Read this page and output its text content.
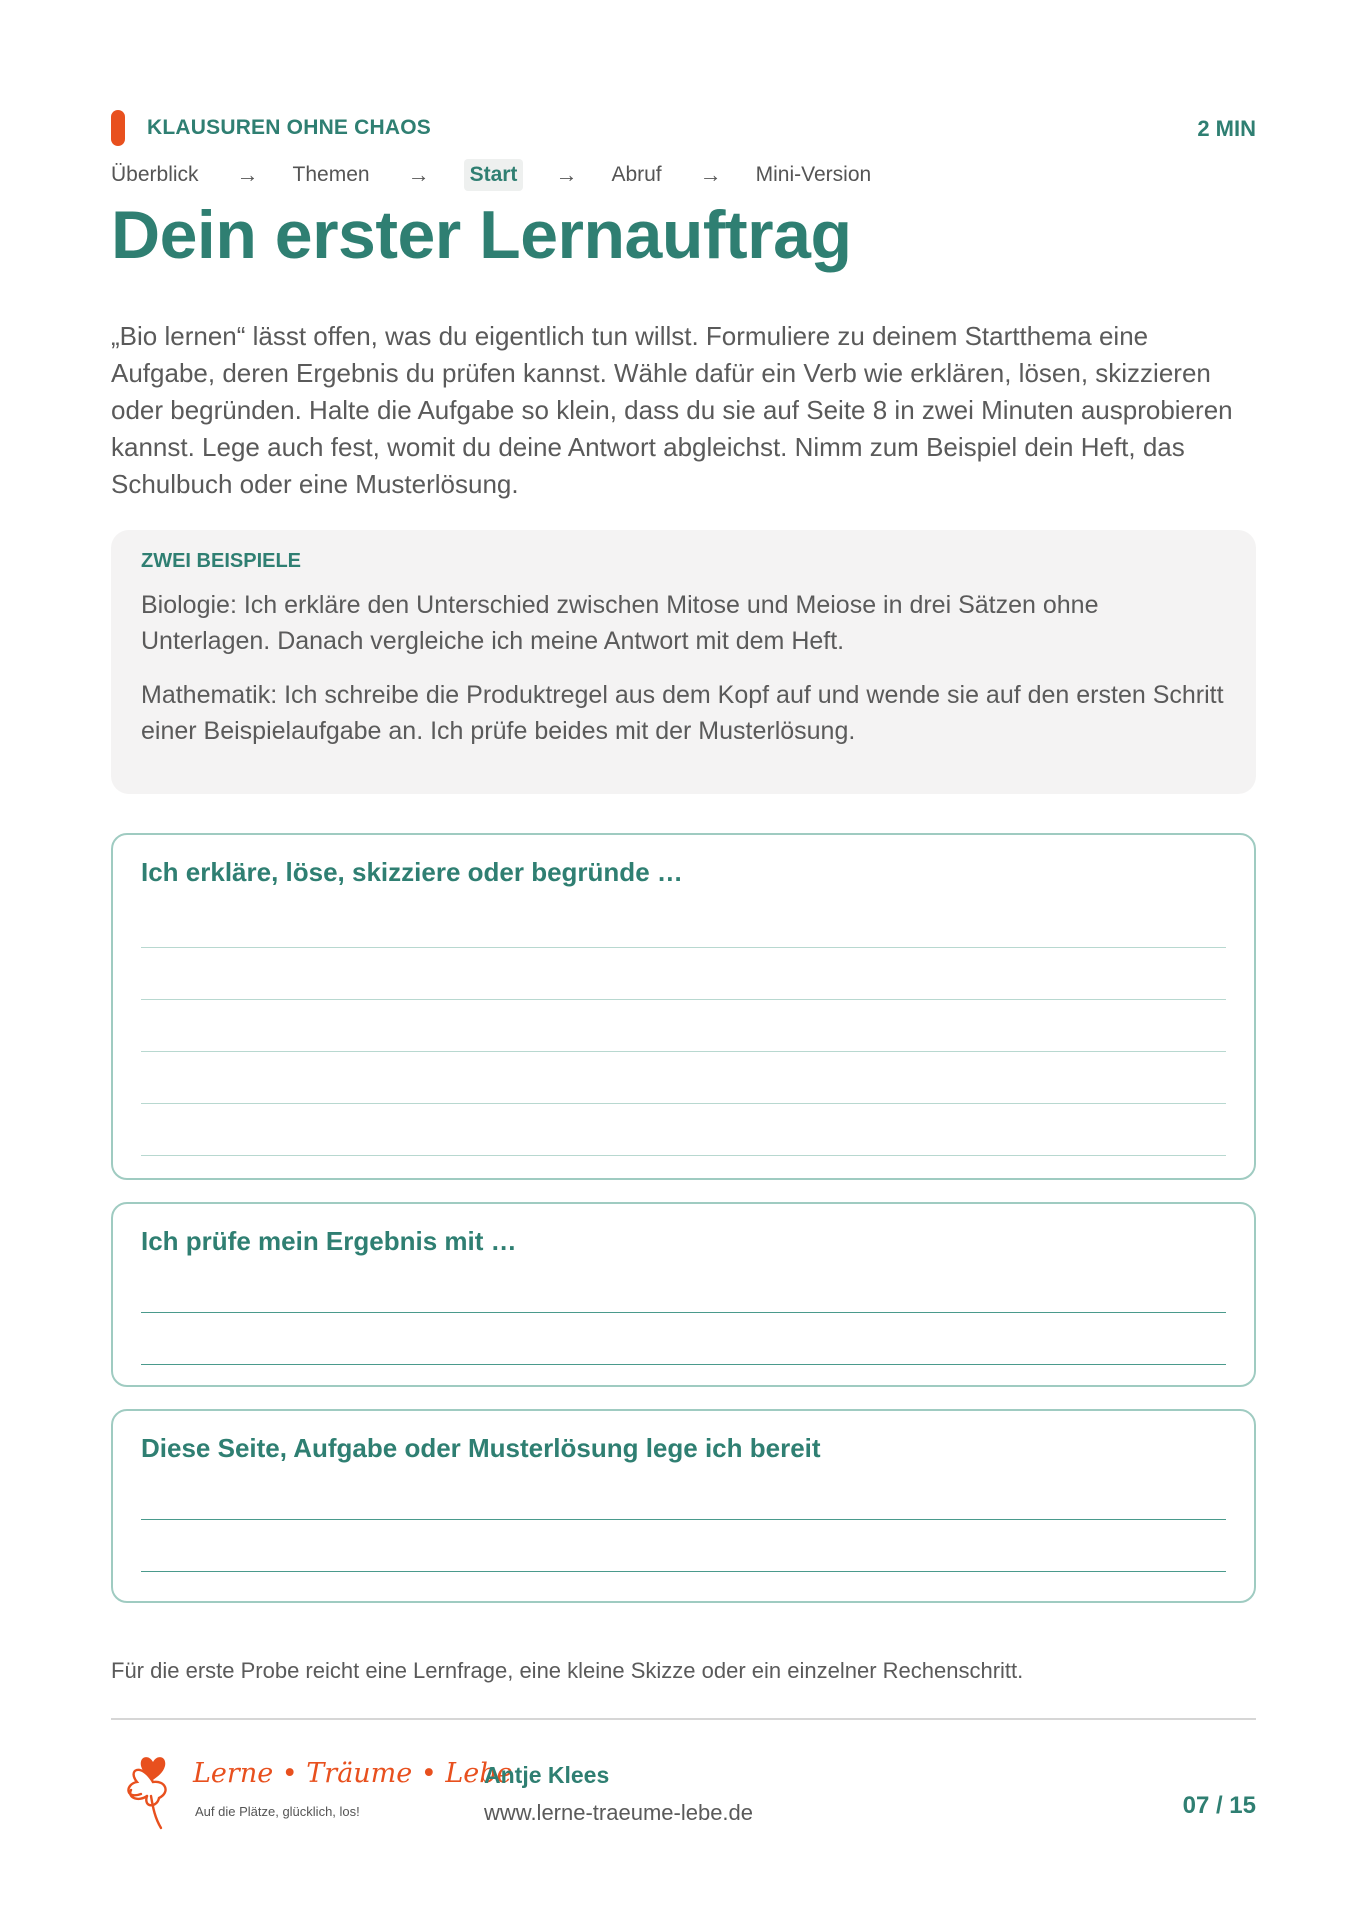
KLAUSUREN OHNE CHAOS	2 MIN
Überblick → Themen → Start → Abruf → Mini-Version
Dein erster Lernauftrag

„Bio lernen“ lässt offen, was du eigentlich tun willst. Formuliere zu deinem Startthema eine Aufgabe, deren Ergebnis du prüfen kannst. Wähle dafür ein Verb wie erklären, lösen, skizzieren oder begründen. Halte die Aufgabe so klein, dass du sie auf Seite 8 in zwei Minuten ausprobieren kannst. Lege auch fest, womit du deine Antwort abgleichst. Nimm zum Beispiel dein Heft, das Schulbuch oder eine Musterlösung.

ZWEI BEISPIELE

Biologie: Ich erkläre den Unterschied zwischen Mitose und Meiose in drei Sätzen ohne Unterlagen. Danach vergleiche ich meine Antwort mit dem Heft.

Mathematik: Ich schreibe die Produktregel aus dem Kopf auf und wende sie auf den ersten Schritt einer Beispielaufgabe an. Ich prüfe beides mit der Musterlösung.

Ich erkläre, löse, skizziere oder begründe …
Ich prüfe mein Ergebnis mit …
Diese Seite, Aufgabe oder Musterlösung lege ich bereit
Für die erste Probe reicht eine Lernfrage, eine kleine Skizze oder ein einzelner Rechenschritt.
Lerne • Träume • Lebe
Auf die Plätze, glücklich, los!
Antje Klees
www.lerne-traeume-lebe.de	07 / 15
